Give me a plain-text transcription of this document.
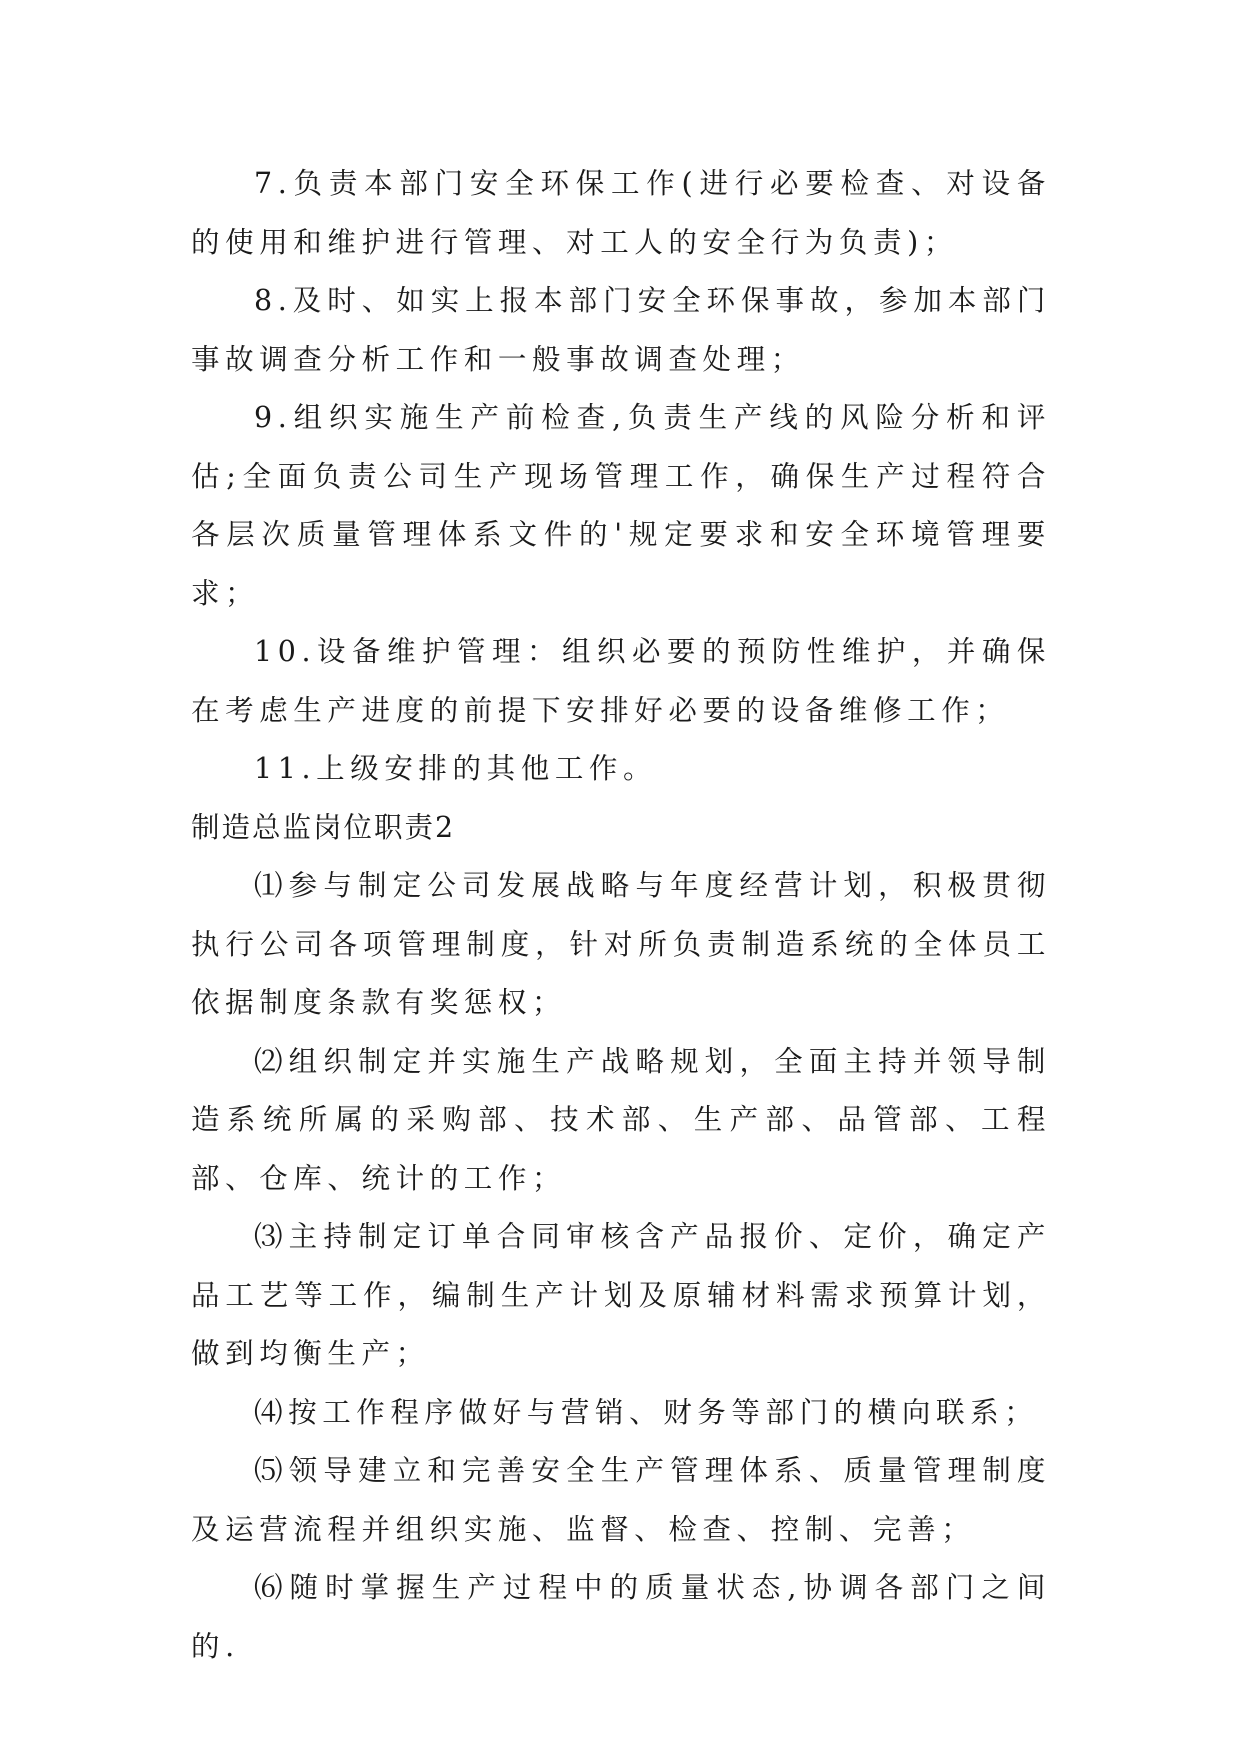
7.负责本部门安全环保工作(进行必要检查、对设备的使用和维护进行管理、对工人的安全行为负责)；

8.及时、如实上报本部门安全环保事故，参加本部门事故调查分析工作和一般事故调查处理；

9.组织实施生产前检查,负责生产线的风险分析和评估;全面负责公司生产现场管理工作，确保生产过程符合各层次质量管理体系文件的'规定要求和安全环境管理要求；

10.设备维护管理：组织必要的预防性维护，并确保在考虑生产进度的前提下安排好必要的设备维修工作；

11.上级安排的其他工作。

制造总监岗位职责2

⑴参与制定公司发展战略与年度经营计划，积极贯彻执行公司各项管理制度，针对所负责制造系统的全体员工依据制度条款有奖惩权；

⑵组织制定并实施生产战略规划，全面主持并领导制造系统所属的采购部、技术部、生产部、品管部、工程部、仓库、统计的工作；

⑶主持制定订单合同审核含产品报价、定价，确定产品工艺等工作，编制生产计划及原辅材料需求预算计划，做到均衡生产；

⑷按工作程序做好与营销、财务等部门的横向联系；

⑸领导建立和完善安全生产管理体系、质量管理制度及运营流程并组织实施、监督、检查、控制、完善；

⑹随时掌握生产过程中的质量状态,协调各部门之间的.
